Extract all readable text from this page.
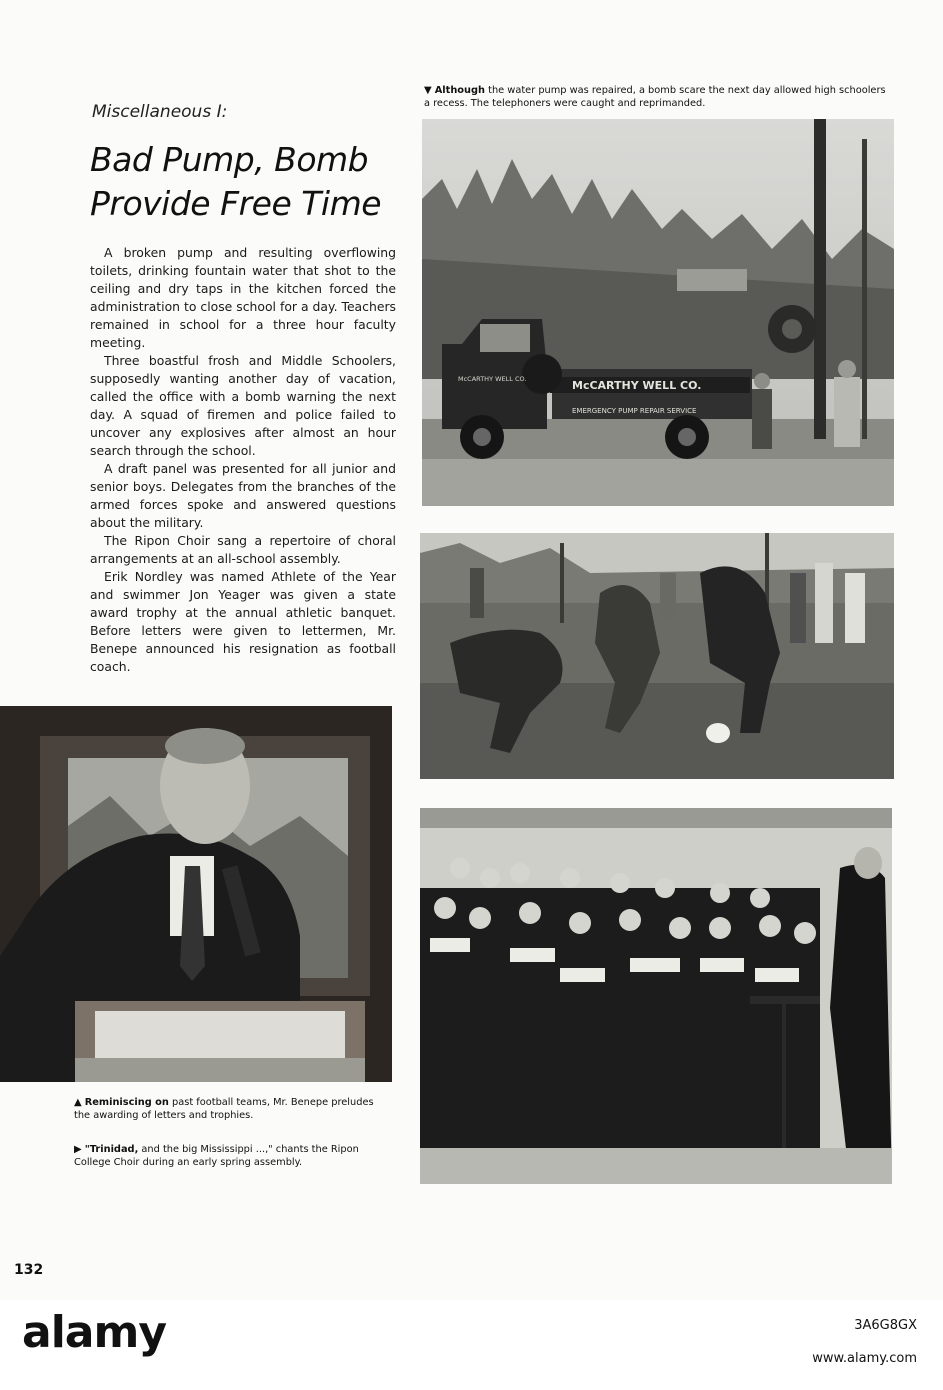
Miscellaneous I:
Bad Pump, Bomb Provide Free Time

A broken pump and resulting overflowing toilets, drinking fountain water that shot to the ceiling and dry taps in the kitchen forced the administration to close school for a day. Teachers remained in school for a three hour faculty meeting.

Three boastful frosh and Middle Schoolers, supposedly wanting another day of vacation, called the office with a bomb warning the next day. A squad of firemen and police failed to uncover any explosives after almost an hour search through the school.

A draft panel was presented for all junior and senior boys. Delegates from the branches of the armed forces spoke and answered questions about the military.

The Ripon Choir sang a repertoire of choral arrangements at an all-school assembly.

Erik Nordley was named Athlete of the Year and swimmer Jon Yeager was given a state award trophy at the annual athletic banquet. Before letters were given to lettermen, Mr. Benepe announced his resignation as football coach.

▼ Although the water pump was repaired, a bomb scare the next day allowed high schoolers a recess. The telephoners were caught and reprimanded.
McCARTHY WELL CO.	McCARTHY WELL CO.
EMERGENCY PUMP REPAIR SERVICE
▲ Reminiscing on past football teams, Mr. Benepe preludes the awarding of letters and trophies.
▶ "Trinidad, and the big Mississippi ...," chants the Ripon College Choir during an early spring assembly.
132
alamy	3A6G8GX
www.alamy.com
